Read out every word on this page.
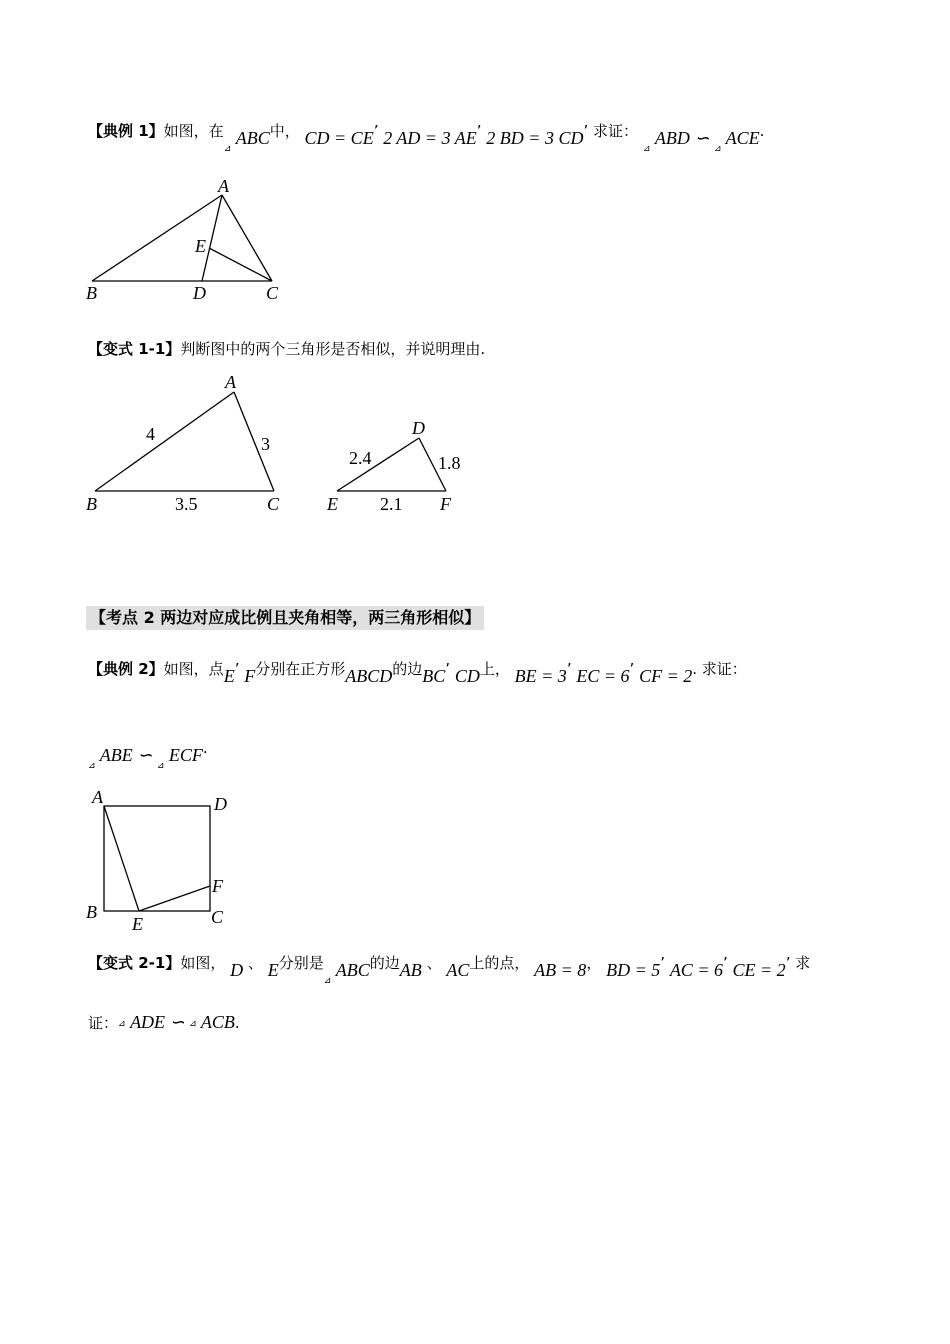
【典例 1】如图，在$_⊿$ ABC中， CD = CE’ 2 AD = 3 AE’ 2 BD = 3 CD’ 求证： $_⊿$ ABD ∽ $_⊿$ ACE.
A
B	C
D
E
A
B	C
4	3
3.5
D
E	F
2.4	1.8
2.1
A	D
B	C
E
F
【变式 1-1】判断图中的两个三角形是否相似，并说明理由.
【考点 2 两边对应成比例且夹角相等，两三角形相似】
【典例 2】如图，点E’ F分别在正方形ABCD的边BC’ CD上， BE = 3’ EC = 6’ CF = 2. 求证：
$_⊿$ ABE ∽ $_⊿$ ECF.
【变式 2-1】如图， D 、 E分别是$_⊿$ ABC的边AB 、 AC上的点， AB = 8， BD = 5’ AC = 6’ CE = 2’ 求
证：⊿ ADE ∽ ⊿ ACB.
